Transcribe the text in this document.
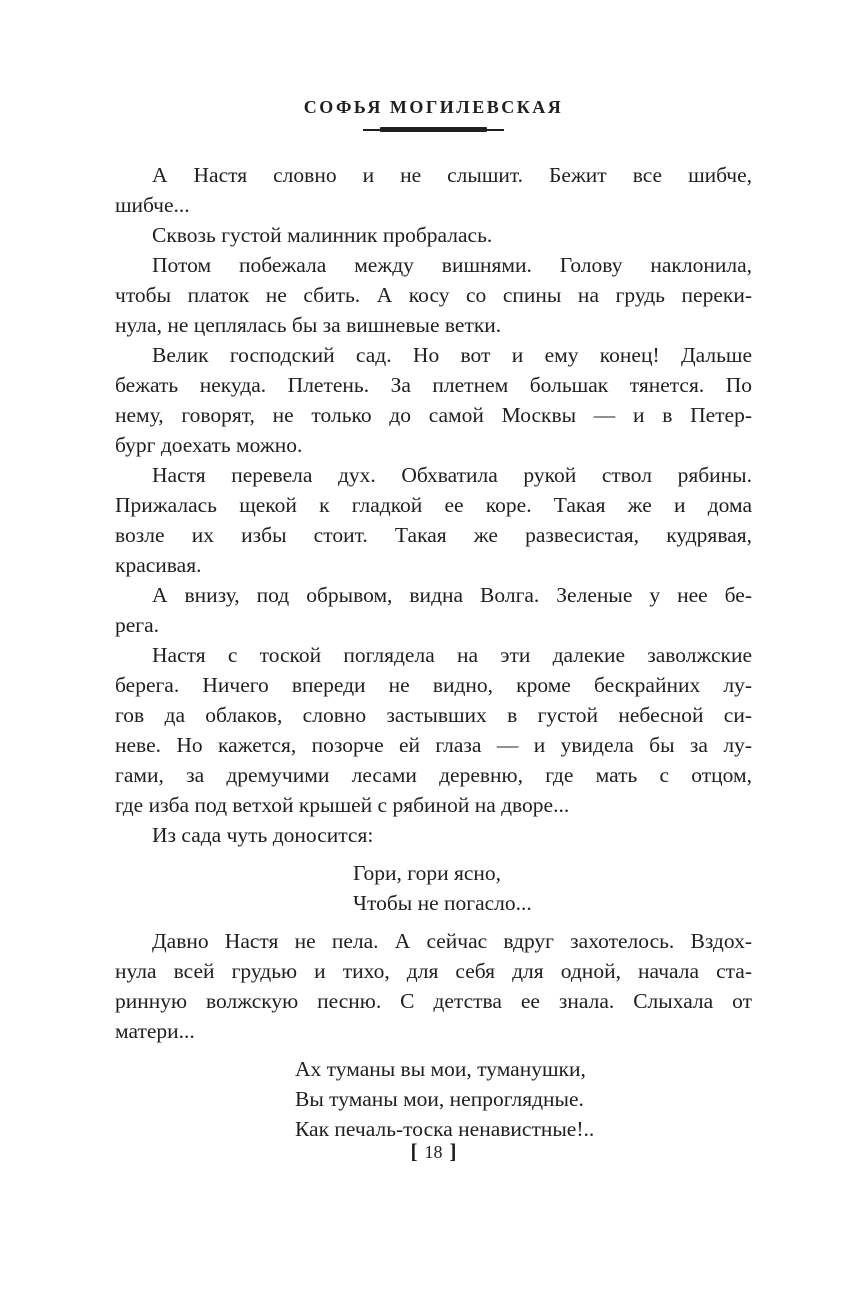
СОФЬЯ МОГИЛЕВСКАЯ
А Настя словно и не слышит. Бежит все шибче,
шибче...
Сквозь густой малинник пробралась.
Потом побежала между вишнями. Голову наклонила,
чтобы платок не сбить. А косу со спины на грудь переки-
нула, не цеплялась бы за вишневые ветки.
Велик господский сад. Но вот и ему конец! Дальше
бежать некуда. Плетень. За плетнем большак тянется. По
нему, говорят, не только до самой Москвы — и в Петер-
бург доехать можно.
Настя перевела дух. Обхватила рукой ствол рябины.
Прижалась щекой к гладкой ее коре. Такая же и дома
возле их избы стоит. Такая же развесистая, кудрявая,
красивая.
А внизу, под обрывом, видна Волга. Зеленые у нее бе-
рега.
Настя с тоской поглядела на эти далекие заволжские
берега. Ничего впереди не видно, кроме бескрайних лу-
гов да облаков, словно застывших в густой небесной си-
неве. Но кажется, позорче ей глаза — и увидела бы за лу-
гами, за дремучими лесами деревню, где мать с отцом,
где изба под ветхой крышей с рябиной на дворе...
Из сада чуть доносится:
Гори, гори ясно,
Чтобы не погасло...
Давно Настя не пела. А сейчас вдруг захотелось. Вздох-
нула всей грудью и тихо, для себя для одной, начала ста-
ринную волжскую песню. С детства ее знала. Слыхала от
матери...
Ах туманы вы мои, туманушки,
Вы туманы мои, непроглядные.
Как печаль-тоска ненавистные!..
[ 18 ]
